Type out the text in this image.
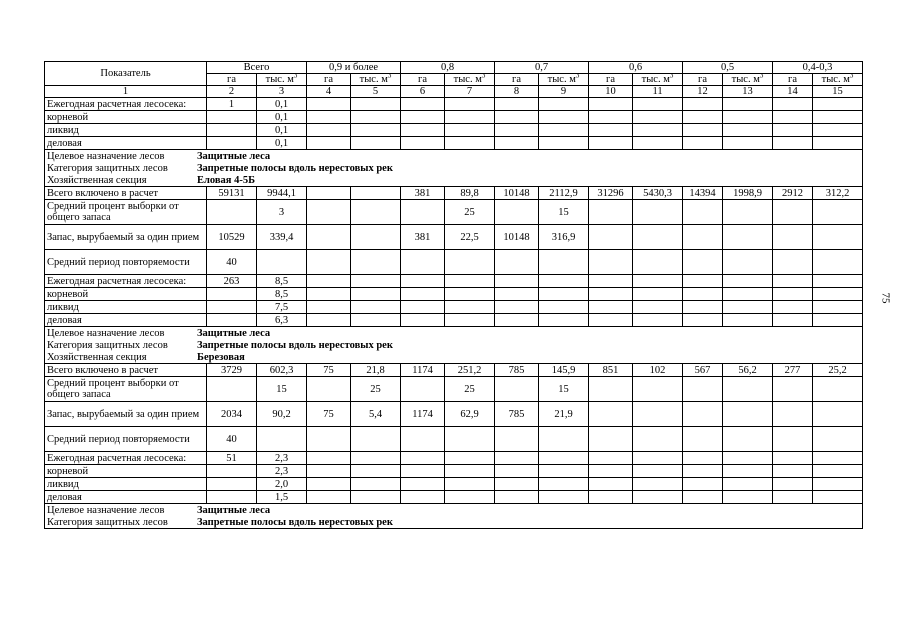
Показатель	Всего		0,9 и более		0,8		0,7		0,6		0,5		0,4-0,3	
	га	тыс. $м^3$	га	тыс. $м^3$	га	тыс. $м^3$	га	тыс. $м^3$	га	тыс. $м^3$	га	тыс. $м^3$	га	тыс. $м^3$
1	2	3	4	5	6	7	8	9	10	11	12	13	14	15
Ежегодная расчетная лесосека:	1	0,1												
корневой		0,1												
ликвид		0,1												
деловая		0,1												
Целевое назначение лесов Защитные леса														
Категория защитных лесов Запретные полосы вдоль нерестовых рек														
Хозяйственная секция Еловая 4-5Б														
Всего включено в расчет	59131	9944,1			381	89,8	10148	2112,9	31296	5430,3	14394	1998,9	2912	312,2
Средний процент выборки от общего запаса		3				25		15						
Запас, вырубаемый за один прием	10529	339,4			381	22,5	10148	316,9						
Средний период повторяемости	40													
Ежегодная расчетная лесосека:	263	8,5												
корневой		8,5												
ликвид		7,5												
деловая		6,3												
Целевое назначение лесов Защитные леса														
Категория защитных лесов Запретные полосы вдоль нерестовых рек														
Хозяйственная секция Березовая														
Всего включено в расчет	3729	602,3	75	21,8	1174	251,2	785	145,9	851	102	567	56,2	277	25,2
Средний процент выборки от общего запаса		15		25		25		15						
Запас, вырубаемый за один прием	2034	90,2	75	5,4	1174	62,9	785	21,9						
Средний период повторяемости	40													
Ежегодная расчетная лесосека:	51	2,3												
корневой		2,3												
ликвид		2,0												
деловая		1,5												
Целевое назначение лесов Защитные леса														
Категория защитных лесов Запретные полосы вдоль нерестовых рек														
75
